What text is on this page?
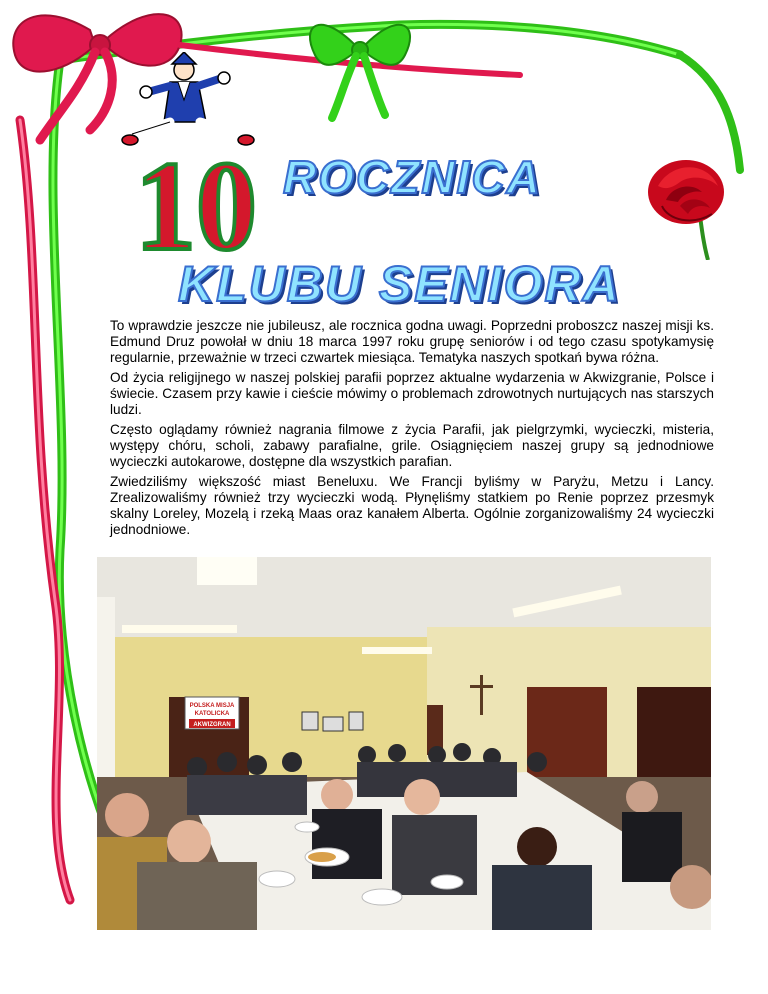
10 ROCZNICA
KLUBU SENIORA

To wprawdzie jeszcze nie jubileusz, ale rocznica godna uwagi. Poprzedni proboszcz naszej misji ks. Edmund Druz powołał w dniu 18 marca 1997 roku grupę seniorów i od tego czasu spotykamysię regularnie, przeważnie w trzeci czwartek miesiąca. Tematyka naszych spotkań bywa różna.

Od życia religijnego w naszej polskiej parafii poprzez aktualne wydarzenia w Akwizgranie, Polsce i świecie. Czasem przy kawie i cieście mówimy o problemach zdrowotnych nurtujących nas starszych ludzi.

Często oglądamy również nagrania filmowe z życia Parafii, jak pielgrzymki, wycieczki, misteria, występy chóru, scholi, zabawy parafialne, grile. Osiągnięciem naszej grupy są jednodniowe wycieczki autokarowe, dostępne dla wszystkich parafian.

Zwiedziliśmy większość miast Beneluxu. We Francji byliśmy w Paryżu, Metzu i Lancy. Zrealizowaliśmy również trzy wycieczki wodą. Płynęliśmy statkiem po Renie poprzez przesmyk skalny Loreley, Mozelą i rzeką Maas oraz kanałem Alberta. Ogólnie zorganizowaliśmy 24 wycieczki jednodniowe.

POLSKA MISJA
KATOLICKA
AKWIZGRAN
